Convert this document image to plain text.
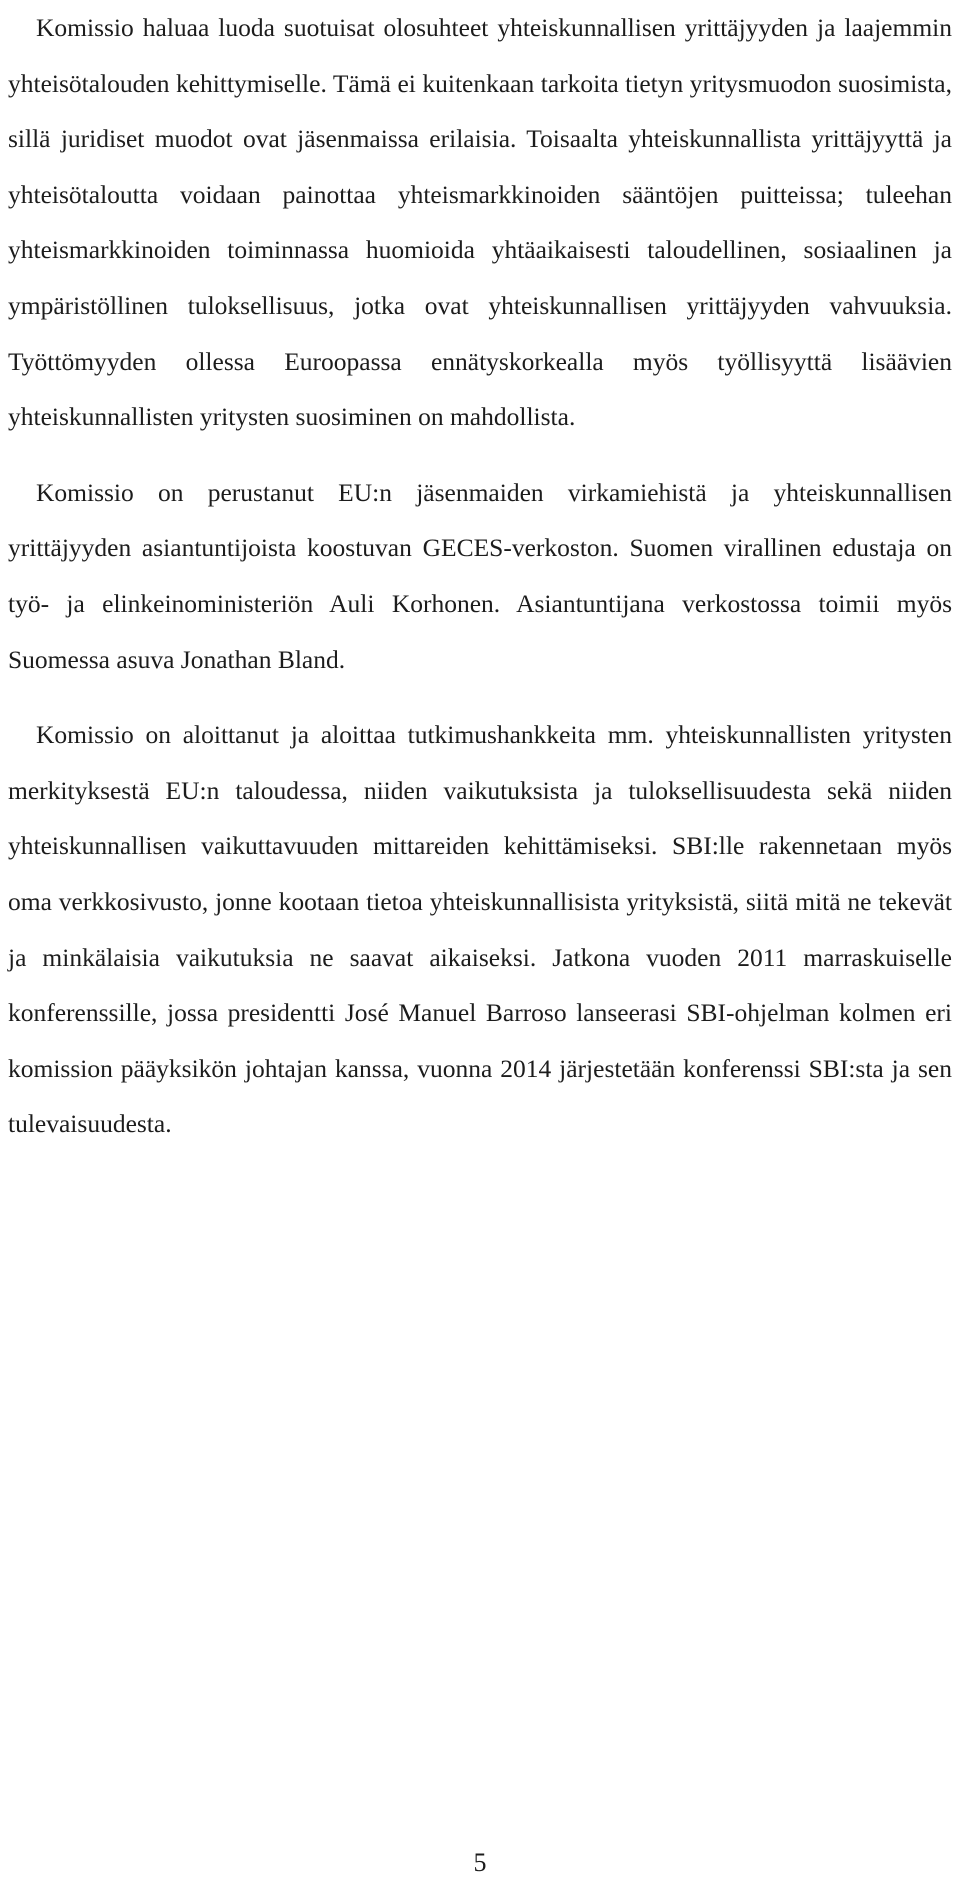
Komissio haluaa luoda suotuisat olosuhteet yhteiskunnallisen yrittäjyyden ja laajemmin yhteisötalouden kehittymiselle. Tämä ei kuitenkaan tarkoita tietyn yritysmuodon suosimista, sillä juridiset muodot ovat jäsenmaissa erilaisia. Toisaalta yhteiskunnallista yrittäjyyttä ja yhteisötaloutta voidaan painottaa yhteismarkkinoiden sääntöjen puitteissa; tuleehan yhteismarkkinoiden toiminnassa huomioida yhtäaikaisesti taloudellinen, sosiaalinen ja ympäristöllinen tuloksellisuus, jotka ovat yhteiskunnallisen yrittäjyyden vahvuuksia. Työttömyyden ollessa Euroopassa ennätyskorkealla myös työllisyyttä lisäävien yhteiskunnallisten yritysten suosiminen on mahdollista.

Komissio on perustanut EU:n jäsenmaiden virkamiehistä ja yhteiskunnallisen yrittäjyyden asiantuntijoista koostuvan GECES-verkoston. Suomen virallinen edustaja on työ- ja elinkeinoministeriön Auli Korhonen. Asiantuntijana verkostossa toimii myös Suomessa asuva Jonathan Bland.

Komissio on aloittanut ja aloittaa tutkimushankkeita mm. yhteiskunnallisten yritysten merkityksestä EU:n taloudessa, niiden vaikutuksista ja tuloksellisuudesta sekä niiden yhteiskunnallisen vaikuttavuuden mittareiden kehittämiseksi. SBI:lle rakennetaan myös oma verkkosivusto, jonne kootaan tietoa yhteiskunnallisista yrityksistä, siitä mitä ne tekevät ja minkälaisia vaikutuksia ne saavat aikaiseksi. Jatkona vuoden 2011 marraskuiselle konferenssille, jossa presidentti José Manuel Barroso lanseerasi SBI-ohjelman kolmen eri komission pääyksikön johtajan kanssa, vuonna 2014 järjestetään konferenssi SBI:sta ja sen tulevaisuudesta.

5
